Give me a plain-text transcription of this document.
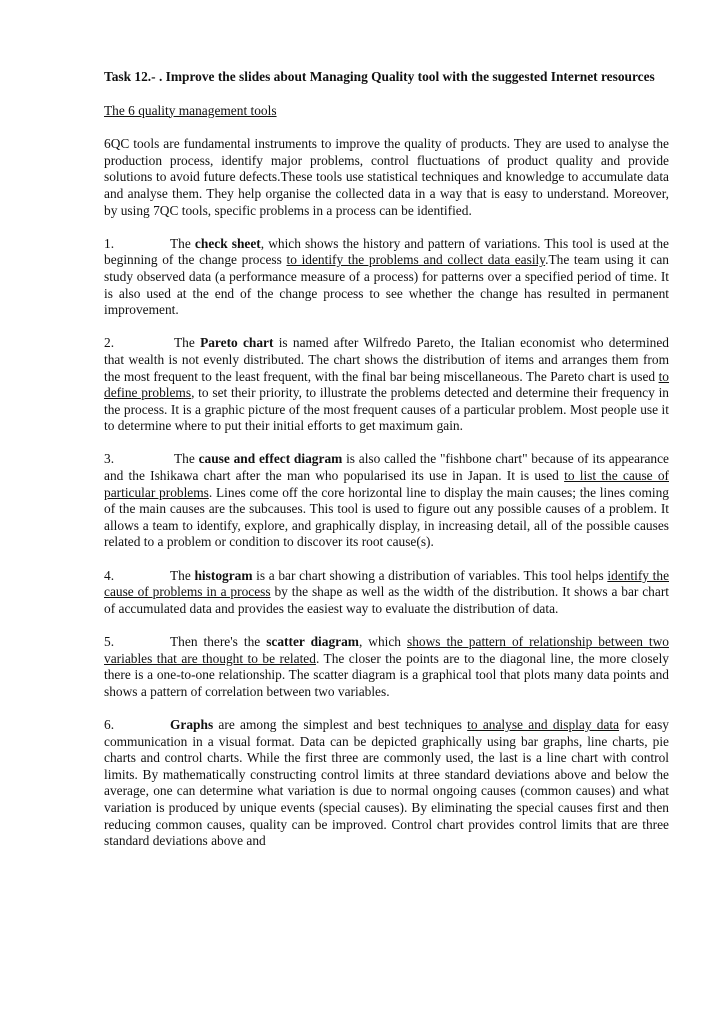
Task 12.- . Improve the slides about Managing Quality tool with the suggested Internet resources
The 6 quality management tools

6QC tools are fundamental instruments to improve the quality of products. They are used to analyse the production process, identify major problems, control fluctuations of product quality and provide solutions to avoid future defects.These tools use statistical techniques and knowledge to accumulate data and analyse them. They help organise the collected data in a way that is easy to understand. Moreover, by using 7QC tools, specific problems in a process can be identified.

1.	The check sheet, which shows the history and pattern of variations. This tool is used at the beginning of the change process to identify the problems and collect data easily.The team using it can study observed data (a performance measure of a process) for patterns over a specified period of time. It is also used at the end of the change process to see whether the change has resulted in permanent improvement.

2.	The Pareto chart is named after Wilfredo Pareto, the Italian economist who determined that wealth is not evenly distributed. The chart shows the distribution of items and arranges them from the most frequent to the least frequent, with the final bar being miscellaneous. The Pareto chart is used to define problems, to set their priority, to illustrate the problems detected and determine their frequency in the process. It is a graphic picture of the most frequent causes of a particular problem. Most people use it to determine where to put their initial efforts to get maximum gain.

3.	The cause and effect diagram is also called the "fishbone chart" because of its appearance and the Ishikawa chart after the man who popularised its use in Japan. It is used to list the cause of particular problems. Lines come off the core horizontal line to display the main causes; the lines coming of the main causes are the subcauses. This tool is used to figure out any possible causes of a problem. It allows a team to identify, explore, and graphically display, in increasing detail, all of the possible causes related to a problem or condition to discover its root cause(s).

4.	The histogram is a bar chart showing a distribution of variables. This tool helps identify the cause of problems in a process by the shape as well as the width of the distribution. It shows a bar chart of accumulated data and provides the easiest way to evaluate the distribution of data.

5.	Then there's the scatter diagram, which shows the pattern of relationship between two variables that are thought to be related. The closer the points are to the diagonal line, the more closely there is a one-to-one relationship. The scatter diagram is a graphical tool that plots many data points and shows a pattern of correlation between two variables.

6.	Graphs are among the simplest and best techniques to analyse and display data for easy communication in a visual format. Data can be depicted graphically using bar graphs, line charts, pie charts and control charts. While the first three are commonly used, the last is a line chart with control limits. By mathematically constructing control limits at three standard deviations above and below the average, one can determine what variation is due to normal ongoing causes (common causes) and what variation is produced by unique events (special causes). By eliminating the special causes first and then reducing common causes, quality can be improved. Control chart provides control limits that are three standard deviations above and
